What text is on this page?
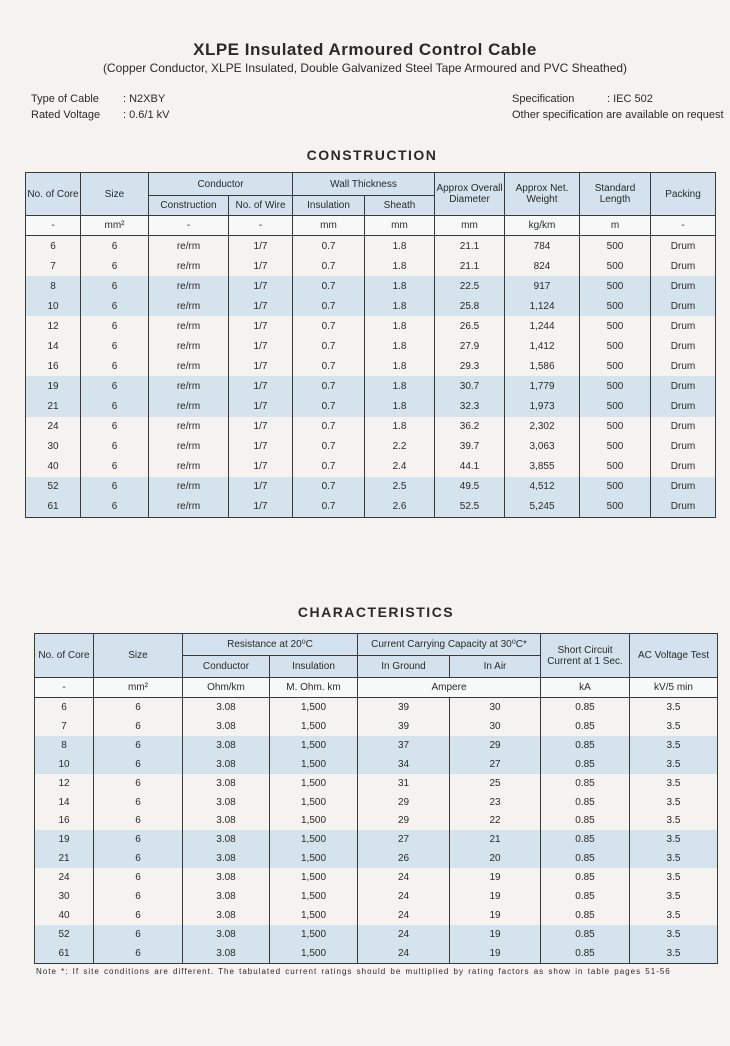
XLPE Insulated Armoured Control Cable
(Copper Conductor, XLPE Insulated, Double Galvanized Steel Tape Armoured and PVC Sheathed)
Type of Cable	: N2XBY
Rated Voltage	: 0.6/1 kV
Specification	: IEC 502
Other specification are available on request
CONSTRUCTION
No. of Core	Size	Conductor		Wall Thickness		Approx Overall Diameter	Approx Net. Weight	Standard Length	Packing
		Construction	No. of Wire	Insulation	Sheath				
-	mm²	-	-	mm	mm	mm	kg/km	m	-
6	6	re/rm	1/7	0.7	1.8	21.1	784	500	Drum
7	6	re/rm	1/7	0.7	1.8	21.1	824	500	Drum
8	6	re/rm	1/7	0.7	1.8	22.5	917	500	Drum
10	6	re/rm	1/7	0.7	1.8	25.8	1,124	500	Drum
12	6	re/rm	1/7	0.7	1.8	26.5	1,244	500	Drum
14	6	re/rm	1/7	0.7	1.8	27.9	1,412	500	Drum
16	6	re/rm	1/7	0.7	1.8	29.3	1,586	500	Drum
19	6	re/rm	1/7	0.7	1.8	30.7	1,779	500	Drum
21	6	re/rm	1/7	0.7	1.8	32.3	1,973	500	Drum
24	6	re/rm	1/7	0.7	1.8	36.2	2,302	500	Drum
30	6	re/rm	1/7	0.7	2.2	39.7	3,063	500	Drum
40	6	re/rm	1/7	0.7	2.4	44.1	3,855	500	Drum
52	6	re/rm	1/7	0.7	2.5	49.5	4,512	500	Drum
61	6	re/rm	1/7	0.7	2.6	52.5	5,245	500	Drum
CHARACTERISTICS
No. of Core	Size	Resistance at 20⁰C		Current Carrying Capacity at 30⁰C*		Short Circuit Current at 1 Sec.	AC Voltage Test
		Conductor	Insulation	In Ground	In Air		
-	mm²	Ohm/km	M. Ohm. km	Ampere		kA	kV/5 min
6	6	3.08	1,500	39	30	0.85	3.5
7	6	3.08	1,500	39	30	0.85	3.5
8	6	3.08	1,500	37	29	0.85	3.5
10	6	3.08	1,500	34	27	0.85	3.5
12	6	3.08	1,500	31	25	0.85	3.5
14	6	3.08	1,500	29	23	0.85	3.5
16	6	3.08	1,500	29	22	0.85	3.5
19	6	3.08	1,500	27	21	0.85	3.5
21	6	3.08	1,500	26	20	0.85	3.5
24	6	3.08	1,500	24	19	0.85	3.5
30	6	3.08	1,500	24	19	0.85	3.5
40	6	3.08	1,500	24	19	0.85	3.5
52	6	3.08	1,500	24	19	0.85	3.5
61	6	3.08	1,500	24	19	0.85	3.5
Note *: If site conditions are different. The tabulated current ratings should be multiplied by rating factors as show in table pages 51-56
